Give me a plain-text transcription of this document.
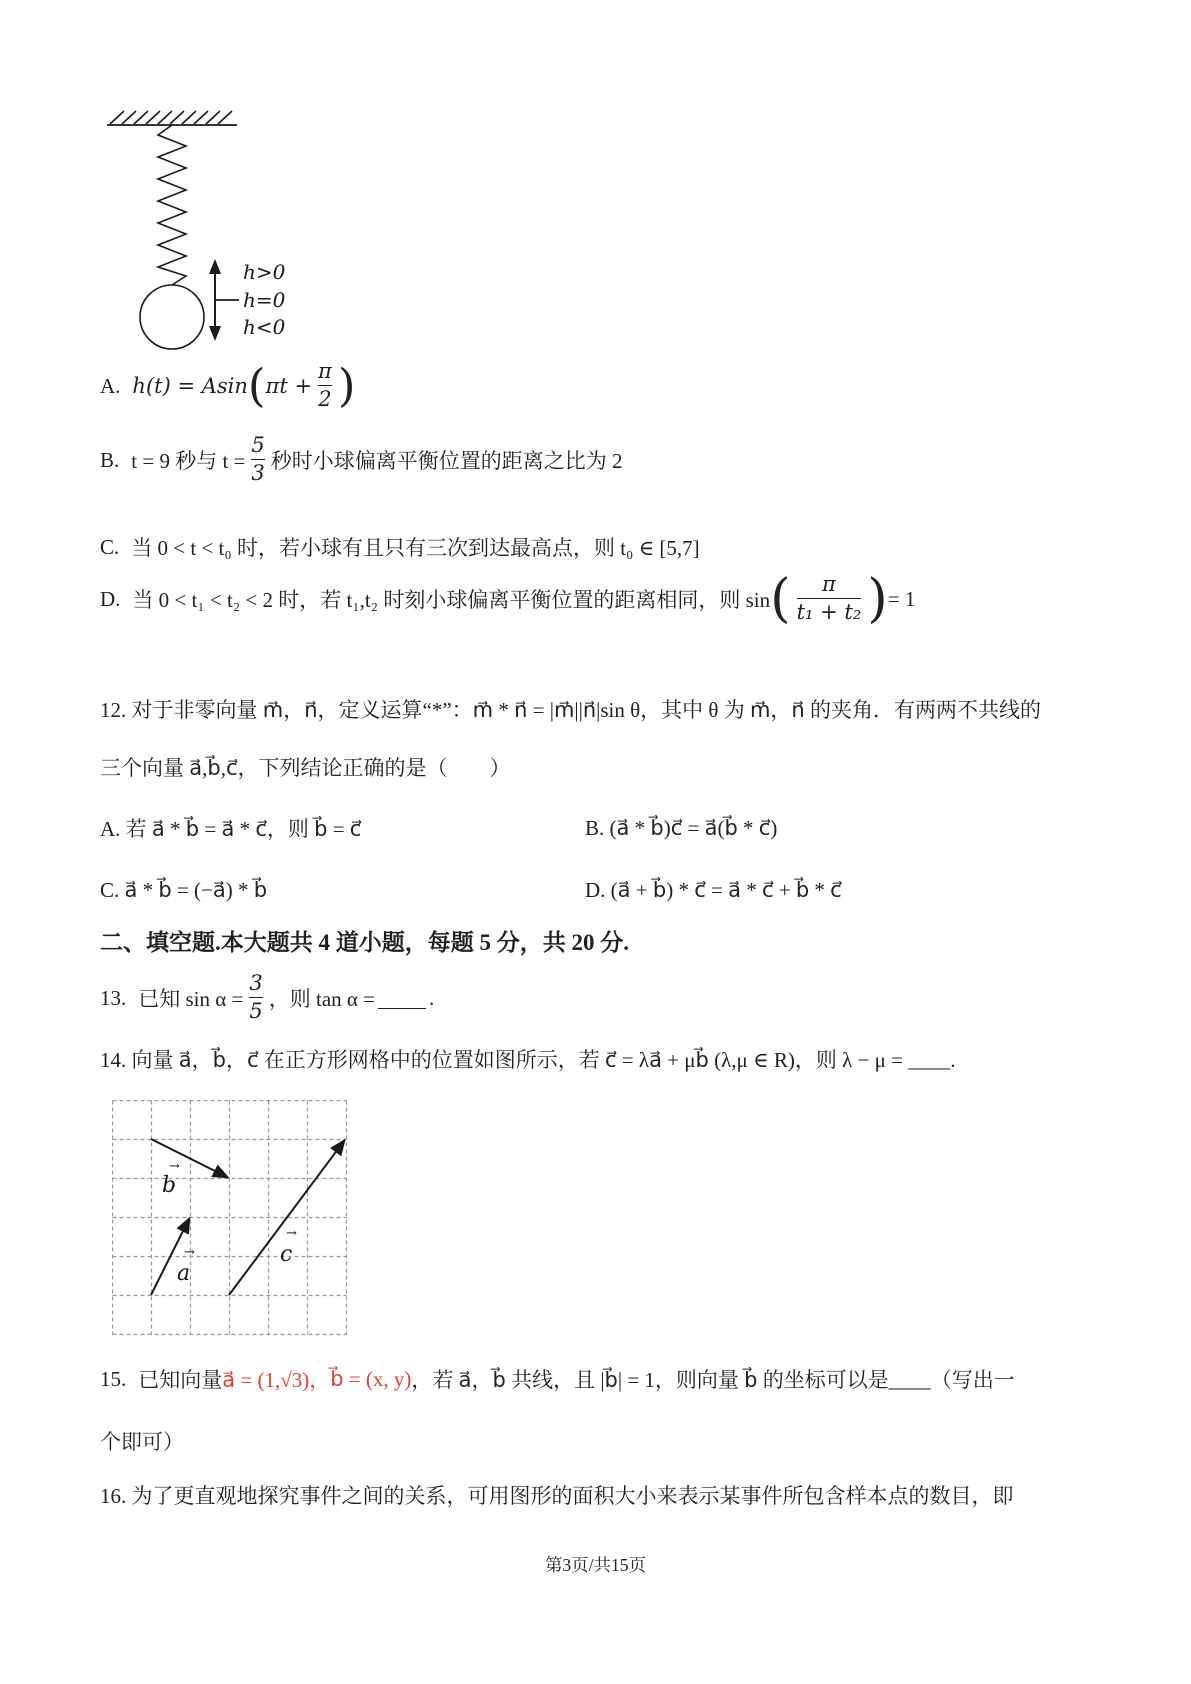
h>0
h=0
h<0
A. h(t) = Asin ( $\pi t + \frac{\pi}{2}$ )
B. t = 9 秒与 $t = \frac{5}{3}$ 秒时小球偏离平衡位置的距离之比为 2
C. 当 0 < t < t₀ 时，若小球有且只有三次到达最高点，则 t₀ ∈ [5,7]
D. 当 0 < t₁ < t₂ < 2 时，若 t₁,t₂ 时刻小球偏离平衡位置的距离相同，则 sin ( $\frac{\pi}{\text{t₁ + t₂}}$ ) = 1
12. 对于非零向量 m⃗，n⃗，定义运算“*”：m⃗ * n⃗ = |m⃗||n⃗|sin θ，其中 θ 为 m⃗，n⃗ 的夹角．有两两不共线的
三个向量 a⃗,b⃗,c⃗，下列结论正确的是（　　）
A. 若 a⃗ * b⃗ = a⃗ * c⃗，则 b⃗ = c⃗	B. (a⃗ * b⃗)c⃗ = a⃗(b⃗ * c⃗)
C. a⃗ * b⃗ = (−a⃗) * b⃗	D. (a⃗ + b⃗) * c⃗ = a⃗ * c⃗ + b⃗ * c⃗
二、填空题.本大题共 4 道小题，每题 5 分，共 20 分.
13. 已知 $\sin \alpha = \frac{3}{5}$ ，则 tan α =	.
14. 向量 a⃗，b⃗，c⃗ 在正方形网格中的位置如图所示，若 c⃗ = λa⃗ + μb⃗ (λ,μ ∈ R)，则 λ − μ = ____.
→
b
→
a
→
c
15. 已知向量 a⃗ = (1,√3)， b⃗ = (x, y) ，若 a⃗，b⃗ 共线，且 |b⃗| = 1，则向量 b⃗ 的坐标可以是____（写出一
个即可）
16. 为了更直观地探究事件之间的关系，可用图形的面积大小来表示某事件所包含样本点的数目，即
第3页/共15页
